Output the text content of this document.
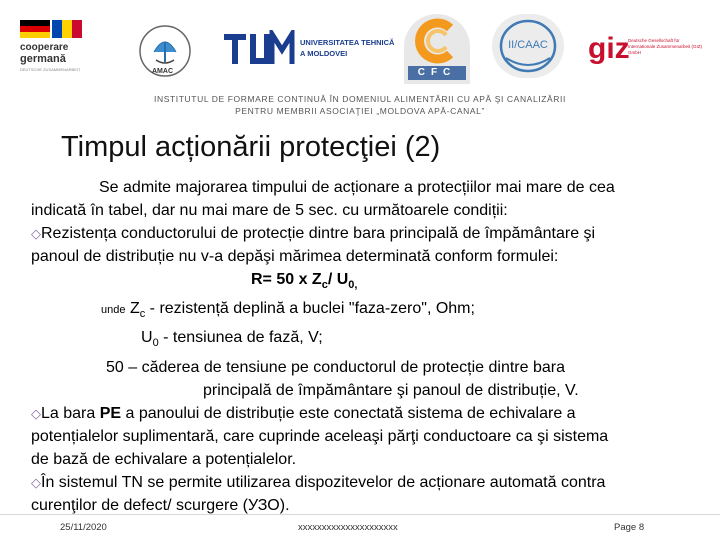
cooperare
germană
DEUTSCHE ZUSAMMENARBEIT	AMAC
UNIVERSITATEA TEHNICĂ
A MOLDOVEI
CFC
II/CAAC	giz
Deutsche Gesellschaft für Internationale Zusammenarbeit (GIZ) GmbH
INSTITUTUL DE FORMARE CONTINUĂ ÎN DOMENIUL ALIMENTĂRII CU APĂ ŞI CANALIZĂRII
PENTRU MEMBRII ASOCIAŢIEI „MOLDOVA APĂ-CANAL”
Timpul acționării protecţiei (2)
Se admite majorarea timpului de acționare a protecțiilor mai mare de cea
indicată în tabel, dar nu mai mare de 5 sec. cu următoarele condiții:
◇Rezistența conductorului de protecție dintre bara principală de împământare şi
panoul de distribuție nu v-a depăşi mărimea determinată conform formulei:
R= 50 x $Z_c/$ $U_{0,}$
unde $Z_c$ - rezistență deplină a buclei "faza-zero", Ohm;
$U_0$ - tensiunea de fază, V;
50 – căderea de tensiune pe conductorul de protecție dintre bara
principală de împământare şi panoul de distribuție, V.
◇La bara PE a panoului de distribuție este conectată sistema de echivalare a
potențialelor suplimentară, care cuprinde aceleaşi părţi conductoare ca şi sistema
de bază de echivalare a potențialelor.
◇În sistemul TN se permite utilizarea dispozitevelor de acționare automată contra
curenţilor de defect/ scurgere (УЗО).
25/11/2020	xxxxxxxxxxxxxxxxxxxxx	Page 8
